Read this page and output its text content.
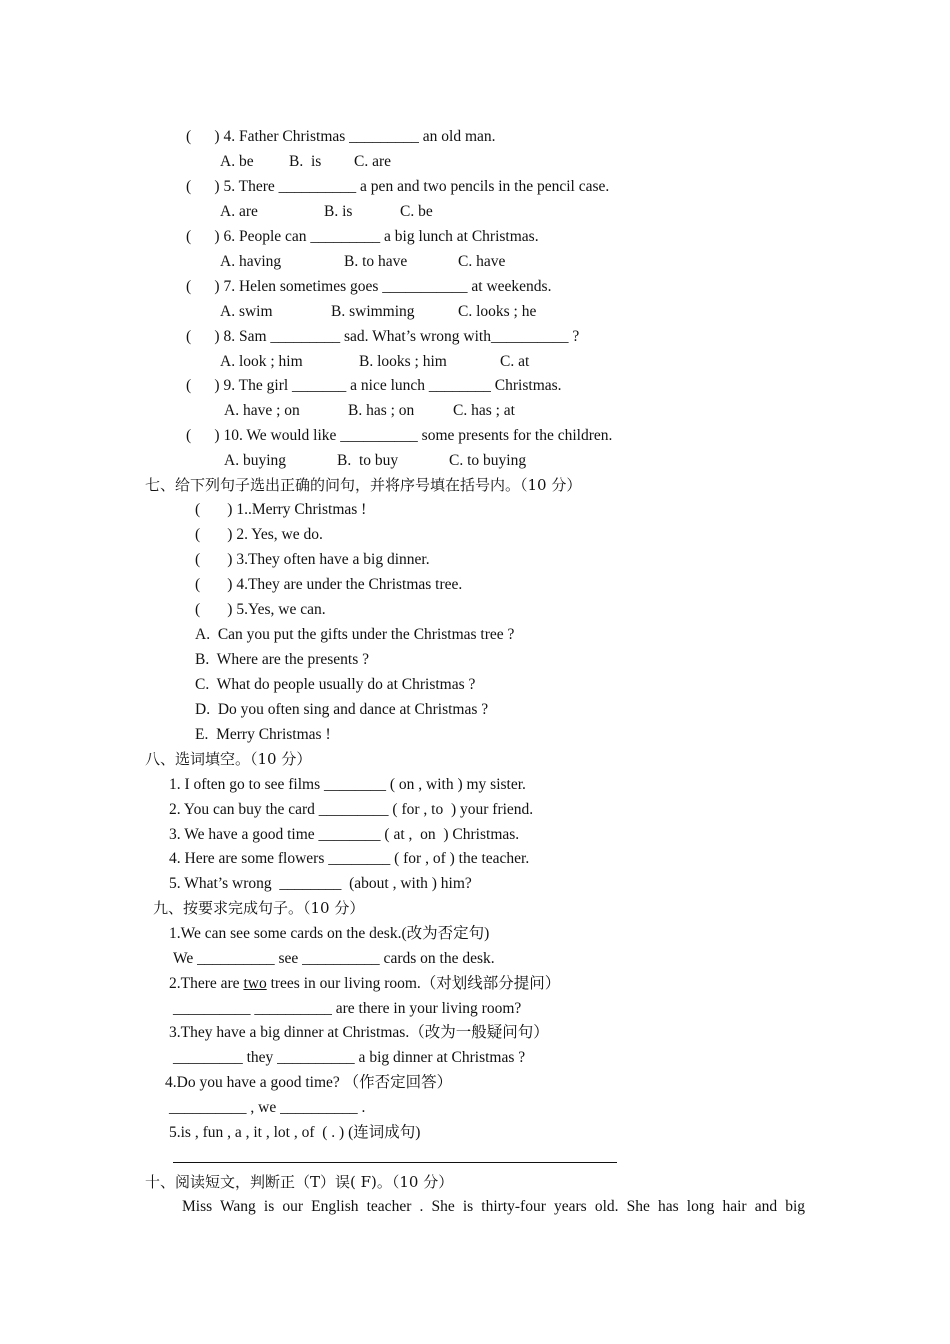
(      ) 4. Father Christmas _________ an old man.
A. be B.  is C. are
(      ) 5. There __________ a pen and two pencils in the pencil case.
A. are	B. is	C. be
(      ) 6. People can _________ a big lunch at Christmas.
A. having	B. to have	C. have
(      ) 7. Helen sometimes goes ___________ at weekends.
A. swim	B. swimming	C. looks ; he
(      ) 8. Sam _________ sad. What’s wrong with__________ ?
A. look ; him	B. looks ; him	C. at
(      ) 9. The girl _______ a nice lunch ________ Christmas.
A. have ; on	B. has ; on C. has ; at
(      ) 10. We would like __________ some presents for the children.
A. buying	B.  to buy	C. to buying
七、给下列句子选出正确的问句，并将序号填在括号内。（10 分）
(       ) 1..Merry Christmas !
(       ) 2. Yes, we do.
(       ) 3.They often have a big dinner.
(       ) 4.They are under the Christmas tree.
(       ) 5.Yes, we can.
A.  Can you put the gifts under the Christmas tree ?
B.  Where are the presents ?
C.  What do people usually do at Christmas ?
D.  Do you often sing and dance at Christmas ?
E.  Merry Christmas !
八、选词填空。（10 分）
1. I often go to see films ________ ( on , with ) my sister.
2. You can buy the card _________ ( for , to  ) your friend.
3. We have a good time ________ ( at ,  on  ) Christmas.
4. Here are some flowers ________ ( for , of ) the teacher.
5. What’s wrong  ________  (about , with ) him?
九、按要求完成句子。（10 分）
1.We can see some cards on the desk.(改为否定句)
We __________ see __________ cards on the desk.
2.There are two trees in our living room.（对划线部分提问）
__________ __________ are there in your living room?
3.They have a big dinner at Christmas.（改为一般疑问句）
_________ they __________ a big dinner at Christmas ?
4.Do you have a good time? （作否定回答）
__________ , we __________ .
5.is , fun , a , it , lot , of  ( . ) (连词成句)
十、阅读短文，判断正（T）误( F)。（10 分）
Miss Wang is our English teacher . She is thirty-four years old. She has long hair and big
